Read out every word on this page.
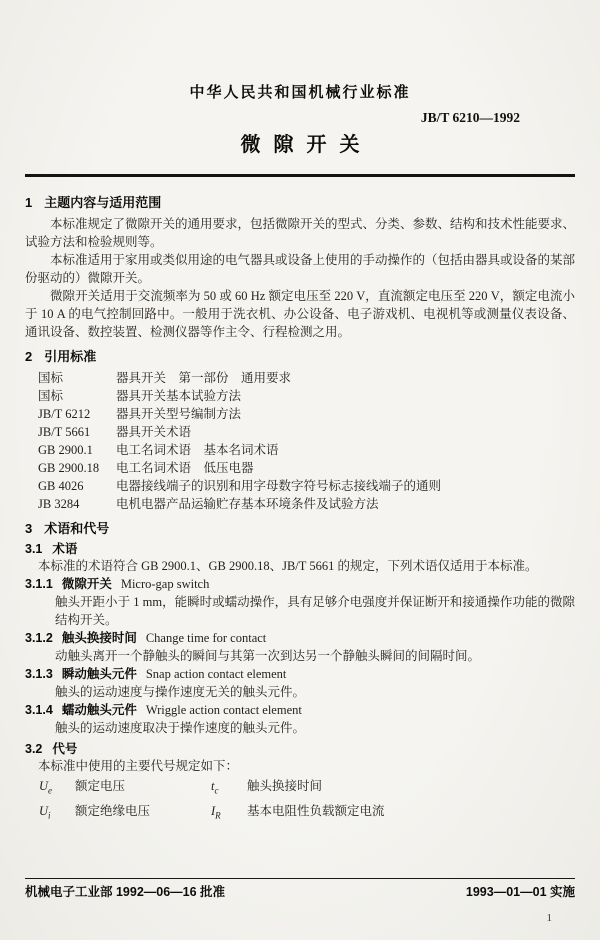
中华人民共和国机械行业标准
JB/T 6210—1992
微隙开关
1 主题内容与适用范围

本标准规定了微隙开关的通用要求，包括微隙开关的型式、分类、参数、结构和技术性能要求、试验方法和检验规则等。

本标准适用于家用或类似用途的电气器具或设备上使用的手动操作的（包括由器具或设备的某部份驱动的）微隙开关。

微隙开关适用于交流频率为 50 或 60 Hz 额定电压至 220 V，直流额定电压至 220 V，额定电流小于 10 A 的电气控制回路中。一般用于洗衣机、办公设备、电子游戏机、电视机等或测量仪表设备、通讯设备、数控装置、检测仪器等作主令、行程检测之用。

2 引用标准
国标	器具开关　第一部份　通用要求
国标	器具开关基本试验方法
JB/T 6212 器具开关型号编制方法
JB/T 5661 器具开关术语
GB 2900.1 电工名词术语　基本名词术语
GB 2900.18 电工名词术语　低压电器
GB 4026	电器接线端子的识别和用字母数字符号标志接线端子的通则
JB 3284	电机电器产品运输贮存基本环境条件及试验方法
3 术语和代号
3.1 术语

本标准的术语符合 GB 2900.1、GB 2900.18、JB/T 5661 的规定，下列术语仅适用于本标准。

3.1.1 微隙开关 Micro-gap switch

触头开距小于 1 mm，能瞬时或蠕动操作，具有足够介电强度并保证断开和接通操作功能的微隙结构开关。

3.1.2 触头换接时间 Change time for contact

动触头离开一个静触头的瞬间与其第一次到达另一个静触头瞬间的间隔时间。

3.1.3 瞬动触头元件 Snap action contact element

触头的运动速度与操作速度无关的触头元件。

3.1.4 蠕动触头元件 Wriggle action contact element

触头的运动速度取决于操作速度的触头元件。

3.2 代号

本标准中使用的主要代号规定如下：

$U_e$ 额定电压	$t_c$ 触头换接时间
$U_i$ 额定绝缘电压	$I_R$ 基本电阻性负载额定电流
机械电子工业部 1992—06—16 批准	1993—01—01 实施
1
